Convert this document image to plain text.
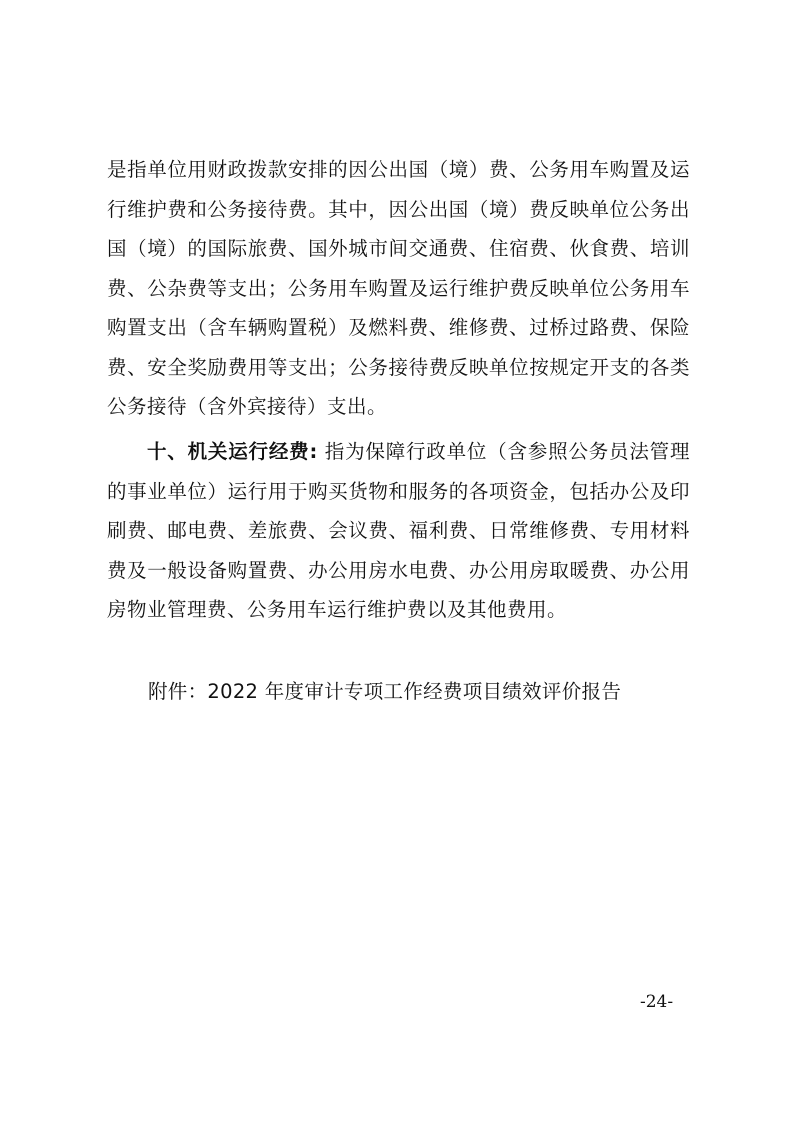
是指单位用财政拨款安排的因公出国（境）费、公务用车购置及运行维护费和公务接待费。其中，因公出国（境）费反映单位公务出国（境）的国际旅费、国外城市间交通费、住宿费、伙食费、培训费、公杂费等支出；公务用车购置及运行维护费反映单位公务用车购置支出（含车辆购置税）及燃料费、维修费、过桥过路费、保险费、安全奖励费用等支出；公务接待费反映单位按规定开支的各类公务接待（含外宾接待）支出。

十、机关运行经费: 指为保障行政单位（含参照公务员法管理的事业单位）运行用于购买货物和服务的各项资金，包括办公及印刷费、邮电费、差旅费、会议费、福利费、日常维修费、专用材料费及一般设备购置费、办公用房水电费、办公用房取暖费、办公用房物业管理费、公务用车运行维护费以及其他费用。

附件：2022 年度审计专项工作经费项目绩效评价报告

-24-
